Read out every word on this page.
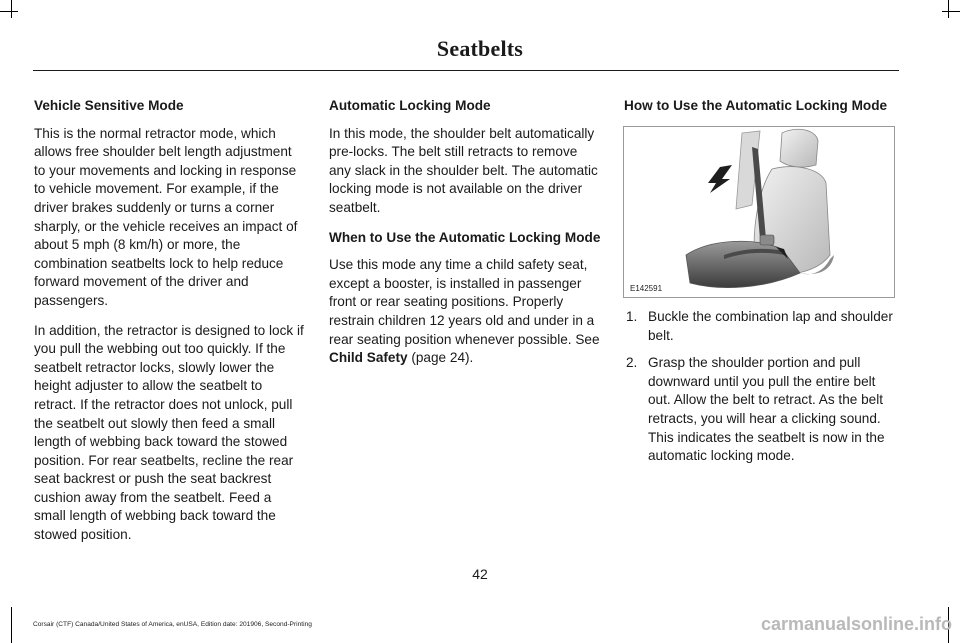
Seatbelts
Vehicle Sensitive Mode

This is the normal retractor mode, which allows free shoulder belt length adjustment to your movements and locking in response to vehicle movement. For example, if the driver brakes suddenly or turns a corner sharply, or the vehicle receives an impact of about 5 mph (8 km/h) or more, the combination seatbelts lock to help reduce forward movement of the driver and passengers.

In addition, the retractor is designed to lock if you pull the webbing out too quickly. If the seatbelt retractor locks, slowly lower the height adjuster to allow the seatbelt to retract. If the retractor does not unlock, pull the seatbelt out slowly then feed a small length of webbing back toward the stowed position. For rear seatbelts, recline the rear seat backrest or push the seat backrest cushion away from the seatbelt. Feed a small length of webbing back toward the stowed position.

Automatic Locking Mode

In this mode, the shoulder belt automatically pre-locks. The belt still retracts to remove any slack in the shoulder belt. The automatic locking mode is not available on the driver seatbelt.

When to Use the Automatic Locking Mode

Use this mode any time a child safety seat, except a booster, is installed in passenger front or rear seating positions. Properly restrain children 12 years old and under in a rear seating position whenever possible. See Child Safety (page 24).

How to Use the Automatic Locking Mode
E142591
1. Buckle the combination lap and shoulder belt.
2. Grasp the shoulder portion and pull downward until you pull the entire belt out. Allow the belt to retract. As the belt retracts, you will hear a clicking sound. This indicates the seatbelt is now in the automatic locking mode.
42
Corsair (CTF) Canada/United States of America, enUSA, Edition date: 201906, Second-Printing	carmanualsonline.info
